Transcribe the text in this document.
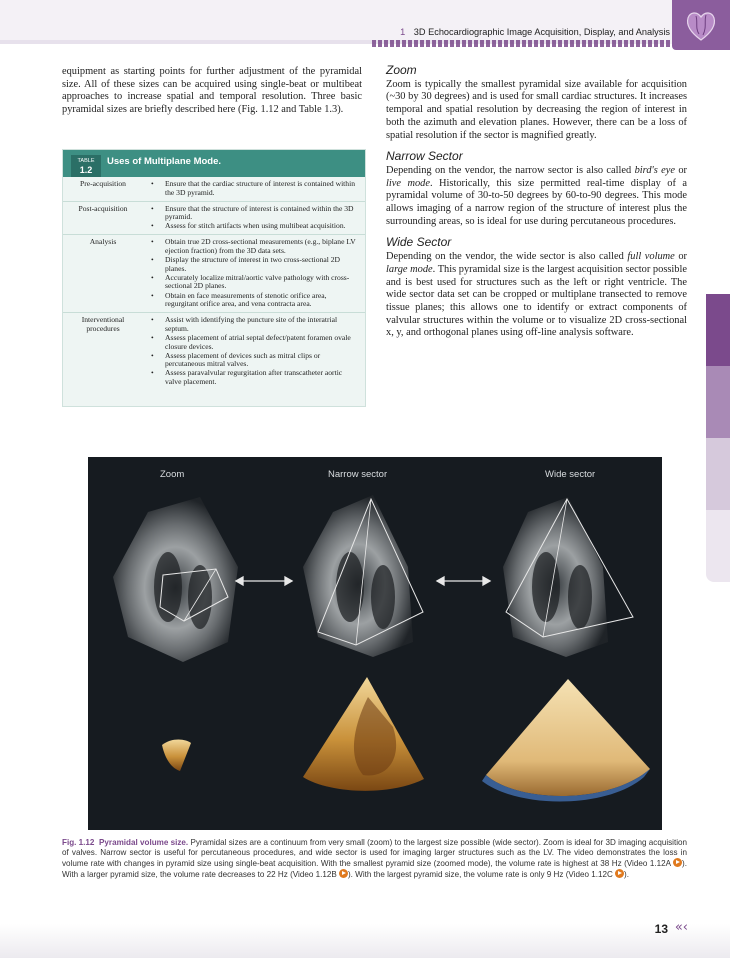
1 3D Echocardiographic Image Acquisition, Display, and Analysis

equipment as starting points for further adjustment of the pyramidal size. All of these sizes can be acquired using single-beat or multibeat approaches to increase spatial and temporal resolution. Three basic pyramidal sizes are briefly described here (Fig. 1.12 and Table 1.3).

TABLE
1.2
Uses of Multiplane Mode.
Pre-acquisition	• Ensure that the cardiac structure of interest is contained within the 3D pyramid.
Post-acquisition	• Ensure that the structure of interest is contained within the 3D pyramid.
• Assess for stitch artifacts when using multibeat acquisition.
Analysis	• Obtain true 2D cross-sectional measurements (e.g., biplane LV ejection fraction) from the 3D data sets.
• Display the structure of interest in two cross-sectional 2D planes.
• Accurately localize mitral/aortic valve pathology with cross-sectional 2D planes.
• Obtain en face measurements of stenotic orifice area, regurgitant orifice area, and vena contracta area.
Interventional procedures
• Assist with identifying the puncture site of the interatrial septum.
• Assess placement of atrial septal defect/patent foramen ovale closure devices.
• Assess placement of devices such as mitral clips or percutaneous mitral valves.
• Assess paravalvular regurgitation after transcatheter aortic valve placement.
Zoom

Zoom is typically the smallest pyramidal size available for acquisition (~30 by 30 degrees) and is used for small cardiac structures. It increases temporal and spatial resolution by decreasing the region of interest in both the azimuth and elevation planes. However, there can be a loss of spatial resolution if the sector is magnified greatly.

Narrow Sector

Depending on the vendor, the narrow sector is also called bird's eye or live mode. Historically, this size permitted real-time display of a pyramidal volume of 30-to-50 degrees by 60-to-90 degrees. This mode allows imaging of a narrow region of the structure of interest plus the surrounding areas, so is ideal for use during percutaneous procedures.

Wide Sector

Depending on the vendor, the wide sector is also called full volume or large mode. This pyramidal size is the largest acquisition sector possible and is best used for structures such as the left or right ventricle. The wide sector data set can be cropped or multiplane transected to remove tissue planes; this allows one to identify or extract components of valvular structures within the volume or to visualize 2D cross-sectional x, y, and orthogonal planes using off-line analysis software.

Zoom	Narrow sector	Wide sector
Fig. 1.12 Pyramidal volume size. Pyramidal sizes are a continuum from very small (zoom) to the largest size possible (wide sector). Zoom is ideal for 3D imaging acquisition of valves. Narrow sector is useful for percutaneous procedures, and wide sector is used for imaging larger structures such as the LV. The video demonstrates the loss in volume rate with changes in pyramid size using single-beat acquisition. With the smallest pyramid size (zoomed mode), the volume rate is highest at 38 Hz (Video 1.12A ). With a larger pyramid size, the volume rate decreases to 22 Hz (Video 1.12B ). With the largest pyramid size, the volume rate is only 9 Hz (Video 1.12C ).
13 «‹
